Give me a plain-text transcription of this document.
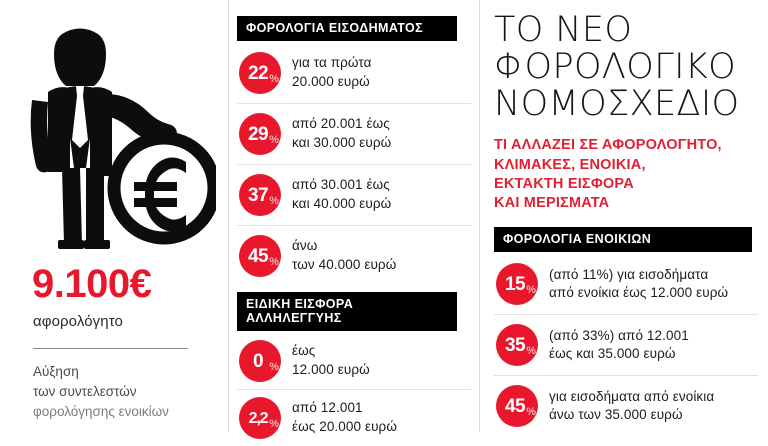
9.100€
αφορολόγητο
Αύξηση
των συντελεστών
φορολόγησης ενοικίων
ΦΟΡΟΛΟΓΙΑ ΕΙΣΟΔΗΜΑΤΟΣ
22 %
για τα πρώτα
20.000 ευρώ
29 %
από 20.001 έως
και 30.000 ευρώ
37 %
από 30.001 έως
και 40.000 ευρώ
45 %
άνω
των 40.000 ευρώ
ΕΙΔΙΚΗ ΕΙΣΦΟΡΑ ΑΛΛΗΛΕΓΓΥΗΣ
0 %
έως
12.000 ευρώ
2,2 %
από 12.001
έως 20.000 ευρώ
ΤΟ ΝΕΟ
ΦΟΡΟΛΟΓΙΚΟ
ΝΟΜΟΣΧΕΔΙΟ
ΤΙ ΑΛΛΑΖΕΙ ΣΕ ΑΦΟΡΟΛΟΓΗΤΟ,
ΚΛΙΜΑΚΕΣ, ΕΝΟΙΚΙΑ,
ΕΚΤΑΚΤΗ ΕΙΣΦΟΡΑ
ΚΑΙ ΜΕΡΙΣΜΑΤΑ
ΦΟΡΟΛΟΓΙΑ ΕΝΟΙΚΙΩΝ
15 %
(από 11%) για εισοδήματα
από ενοίκια έως 12.000 ευρώ
35 %
(από 33%) από 12.001
έως και 35.000 ευρώ
45 %
για εισοδήματα από ενοίκια
άνω των 35.000 ευρώ
